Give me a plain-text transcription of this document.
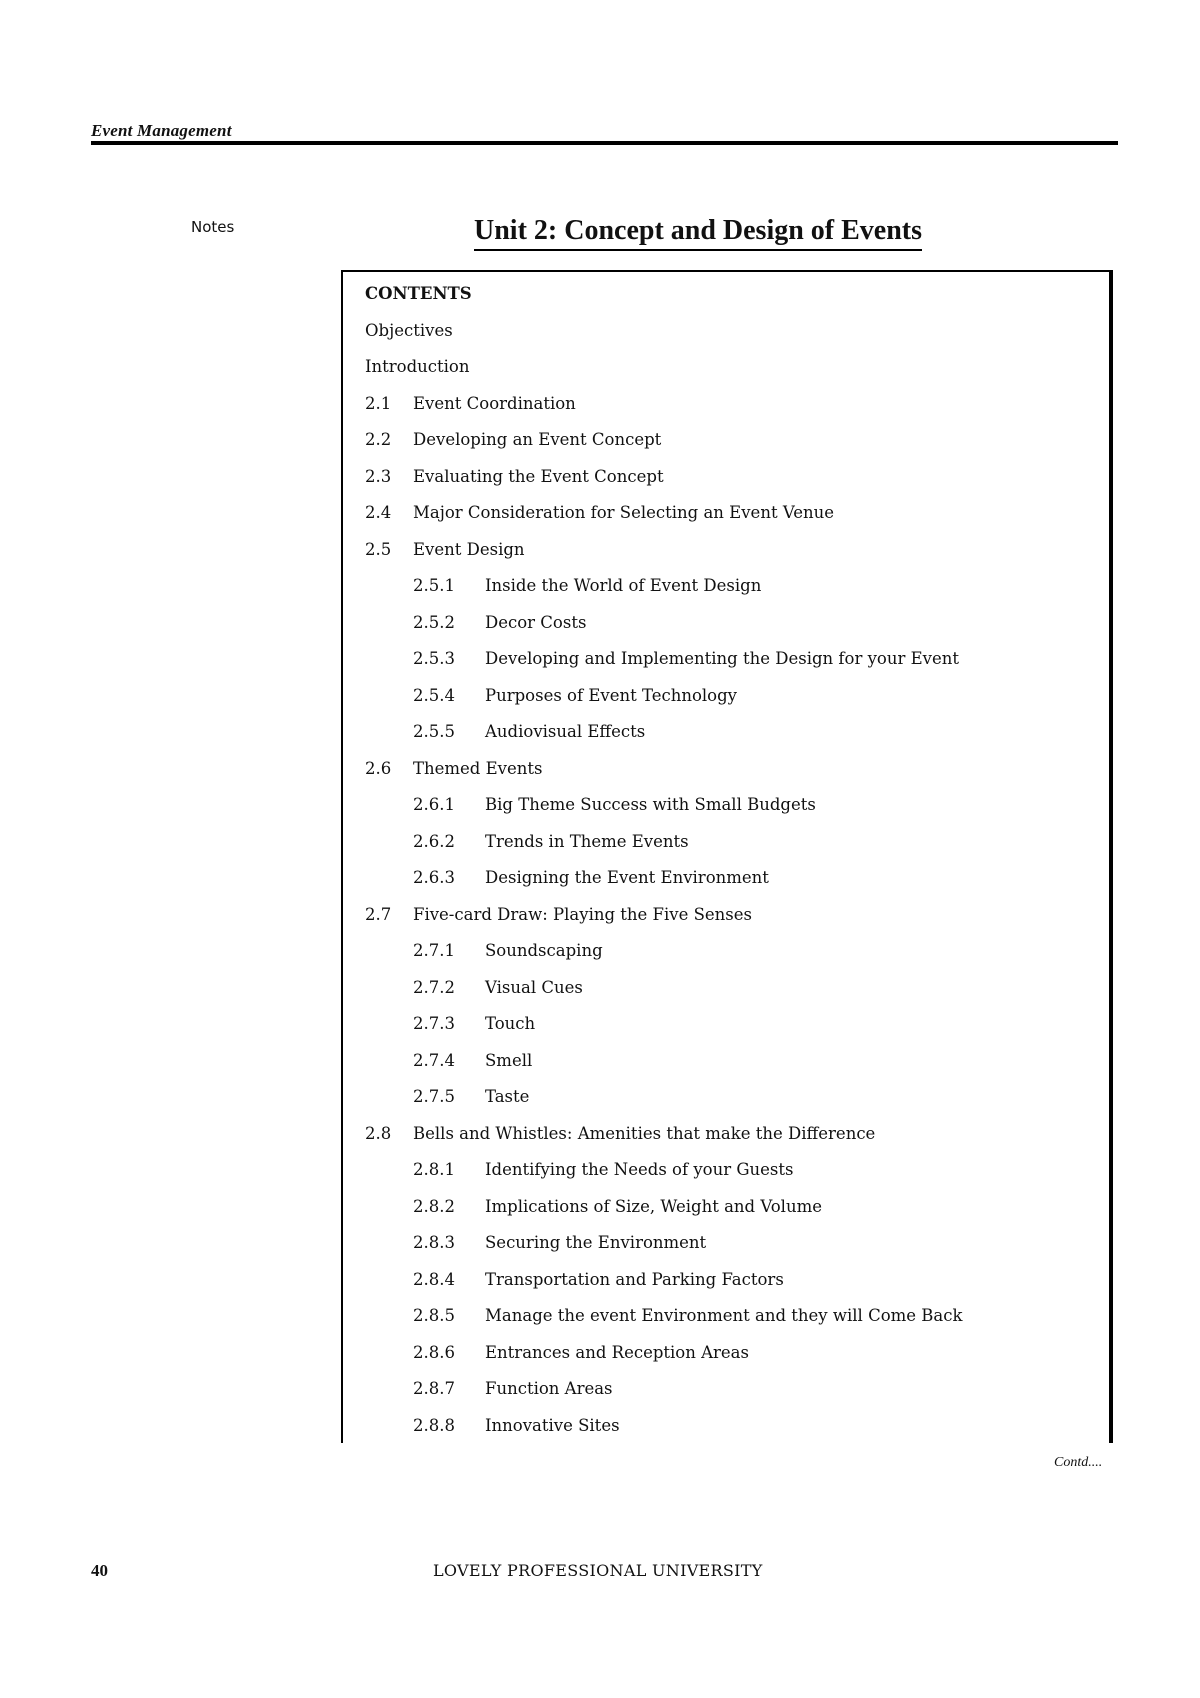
Event Management
Notes	Unit 2: Concept and Design of Events
CONTENTS
Objectives
Introduction
2.1 Event Coordination
2.2 Developing an Event Concept
2.3 Evaluating the Event Concept
2.4 Major Consideration for Selecting an Event Venue
2.5 Event Design
2.5.1 Inside the World of Event Design
2.5.2 Decor Costs
2.5.3 Developing and Implementing the Design for your Event
2.5.4 Purposes of Event Technology
2.5.5 Audiovisual Effects
2.6 Themed Events
2.6.1 Big Theme Success with Small Budgets
2.6.2 Trends in Theme Events
2.6.3 Designing the Event Environment
2.7 Five-card Draw: Playing the Five Senses
2.7.1 Soundscaping
2.7.2 Visual Cues
2.7.3 Touch
2.7.4 Smell
2.7.5 Taste
2.8 Bells and Whistles: Amenities that make the Difference
2.8.1 Identifying the Needs of your Guests
2.8.2 Implications of Size, Weight and Volume
2.8.3 Securing the Environment
2.8.4 Transportation and Parking Factors
2.8.5 Manage the event Environment and they will Come Back
2.8.6 Entrances and Reception Areas
2.8.7 Function Areas
2.8.8 Innovative Sites
Contd....
40	LOVELY PROFESSIONAL UNIVERSITY
